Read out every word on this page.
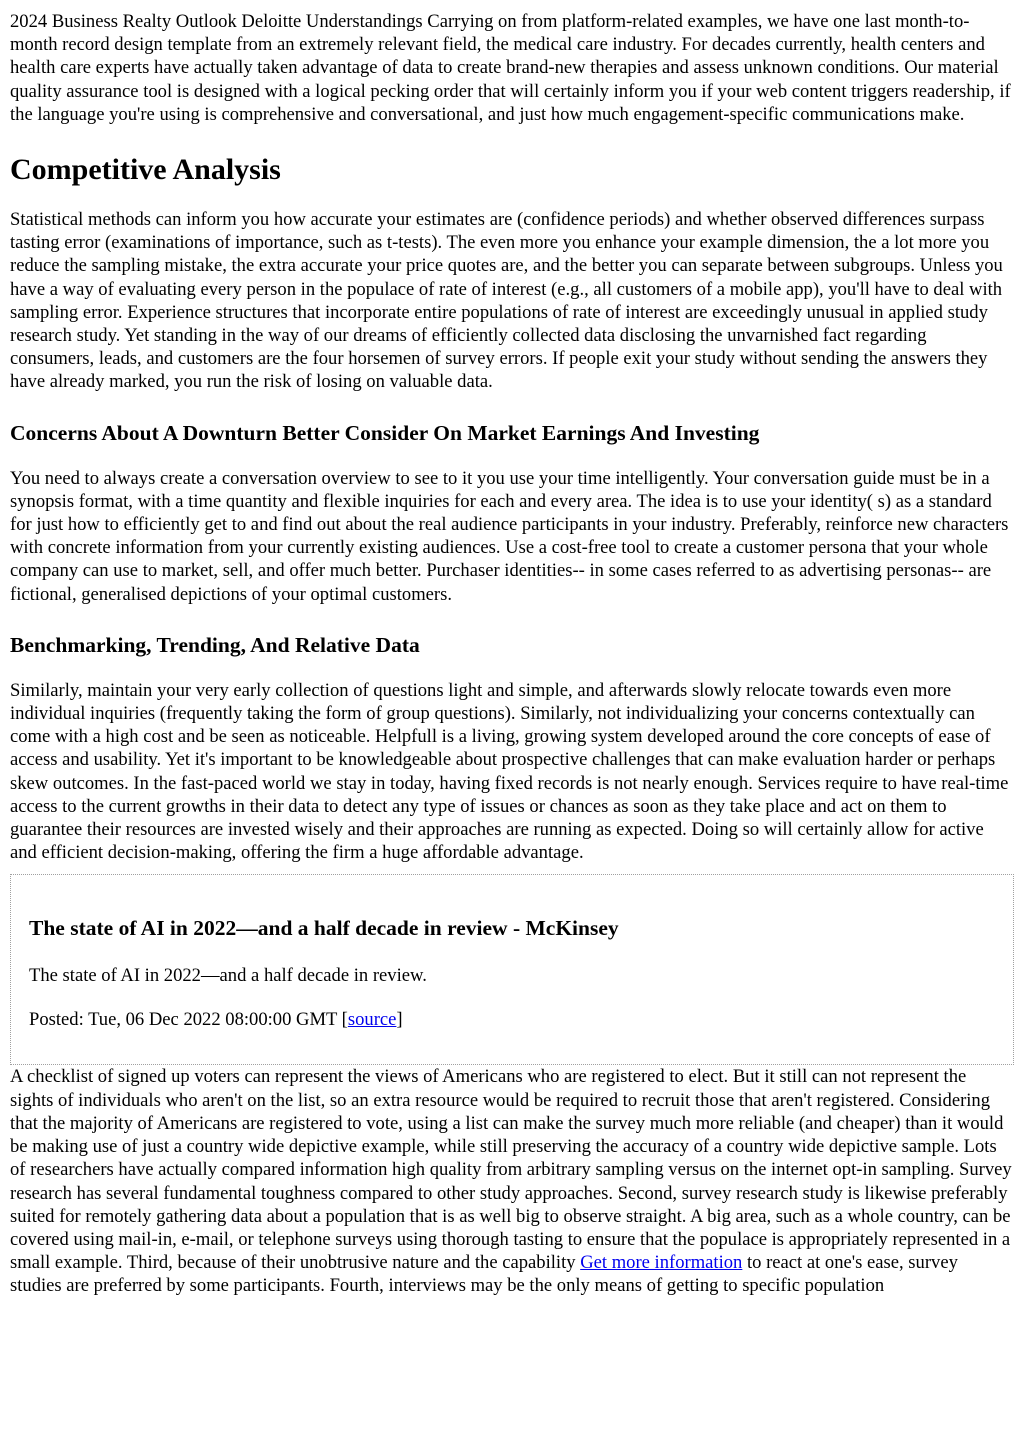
2024 Business Realty Outlook Deloitte Understandings Carrying on from platform-related examples, we have one last month-to-month record design template from an extremely relevant field, the medical care industry. For decades currently, health centers and health care experts have actually taken advantage of data to create brand-new therapies and assess unknown conditions. Our material quality assurance tool is designed with a logical pecking order that will certainly inform you if your web content triggers readership, if the language you're using is comprehensive and conversational, and just how much engagement-specific communications make.

Competitive Analysis

Statistical methods can inform you how accurate your estimates are (confidence periods) and whether observed differences surpass tasting error (examinations of importance, such as t-tests). The even more you enhance your example dimension, the a lot more you reduce the sampling mistake, the extra accurate your price quotes are, and the better you can separate between subgroups. Unless you have a way of evaluating every person in the populace of rate of interest (e.g., all customers of a mobile app), you'll have to deal with sampling error. Experience structures that incorporate entire populations of rate of interest are exceedingly unusual in applied study research study. Yet standing in the way of our dreams of efficiently collected data disclosing the unvarnished fact regarding consumers, leads, and customers are the four horsemen of survey errors. If people exit your study without sending the answers they have already marked, you run the risk of losing on valuable data.

Concerns About A Downturn Better Consider On Market Earnings And Investing

You need to always create a conversation overview to see to it you use your time intelligently. Your conversation guide must be in a synopsis format, with a time quantity and flexible inquiries for each and every area. The idea is to use your identity( s) as a standard for just how to efficiently get to and find out about the real audience participants in your industry. Preferably, reinforce new characters with concrete information from your currently existing audiences. Use a cost-free tool to create a customer persona that your whole company can use to market, sell, and offer much better. Purchaser identities-- in some cases referred to as advertising personas-- are fictional, generalised depictions of your optimal customers.

Benchmarking, Trending, And Relative Data

Similarly, maintain your very early collection of questions light and simple, and afterwards slowly relocate towards even more individual inquiries (frequently taking the form of group questions). Similarly, not individualizing your concerns contextually can come with a high cost and be seen as noticeable. Helpfull is a living, growing system developed around the core concepts of ease of access and usability. Yet it's important to be knowledgeable about prospective challenges that can make evaluation harder or perhaps skew outcomes. In the fast-paced world we stay in today, having fixed records is not nearly enough. Services require to have real-time access to the current growths in their data to detect any type of issues or chances as soon as they take place and act on them to guarantee their resources are invested wisely and their approaches are running as expected. Doing so will certainly allow for active and efficient decision-making, offering the firm a huge affordable advantage.

The state of AI in 2022—and a half decade in review - McKinsey

The state of AI in 2022—and a half decade in review.

Posted: Tue, 06 Dec 2022 08:00:00 GMT [source]

A checklist of signed up voters can represent the views of Americans who are registered to elect. But it still can not represent the sights of individuals who aren't on the list, so an extra resource would be required to recruit those that aren't registered. Considering that the majority of Americans are registered to vote, using a list can make the survey much more reliable (and cheaper) than it would be making use of just a country wide depictive example, while still preserving the accuracy of a country wide depictive sample. Lots of researchers have actually compared information high quality from arbitrary sampling versus on the internet opt-in sampling. Survey research has several fundamental toughness compared to other study approaches. Second, survey research study is likewise preferably suited for remotely gathering data about a population that is as well big to observe straight. A big area, such as a whole country, can be covered using mail-in, e-mail, or telephone surveys using thorough tasting to ensure that the populace is appropriately represented in a small example. Third, because of their unobtrusive nature and the capability Get more information to react at one's ease, survey studies are preferred by some participants. Fourth, interviews may be the only means of getting to specific population
